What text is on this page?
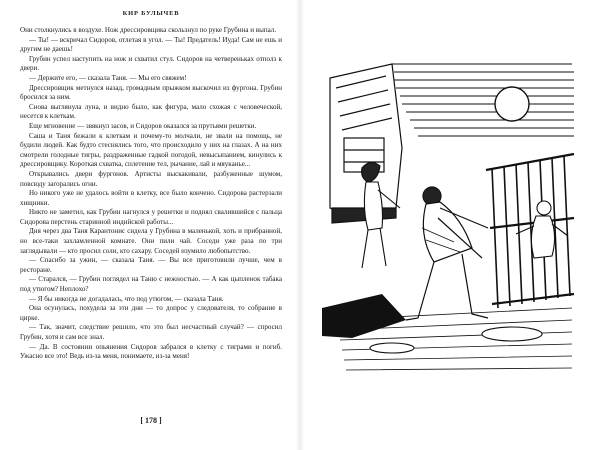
КИР БУЛЫЧЕВ

Они столкнулись в воздухе. Нож дрессировщика скользнул по руке Грубина и выпал.

— Ты! — вскричал Сидоров, отлетая в угол. — Ты! Предатель! Иуда! Сам не ешь и другим не даешь!

Грубин успел наступить на нож и схватил стул. Сидоров на четвереньках отполз к двери.

— Держите его, — сказала Таня. — Мы его свяжем!

Дрессировщик метнулся назад, громадным прыжком выскочил из фургона. Грубин бросился за ним.

Снова выглянула луна, и видно было, как фигура, мало схожая с человеческой, несется к клеткам.

Еще мгновение — звякнул засов, и Сидоров оказался за прутьями решетки.

Саша и Таня бежали к клеткам и почему-то молчали, не звали на помощь, не будили людей. Как будто стеснялись того, что происходило у них на глазах. А на них смотрели голодные тигры, раздраженные гадкой погодой, невысыпанием, кинулись к дрессировщику. Короткая схватка, сплетение тел, рычание, лай и мяуканье...

Открывались двери фургонов. Артисты выскакивали, разбуженные шумом, повсюду загорались огни.

Но никого уже не удалось войти в клетку, все было кончено. Сидорова растерзали хищники.

Никто не заметил, как Грубин нагнулся у решетки и поднял свалившийся с пальца Сидорова перстень старинной индийской работы...

Дня через два Таня Карантонис сидела у Грубина в маленькой, хоть и прибранной, но все-таки захламленной комнате. Они пили чай. Соседи уже раза по три заглядывали — кто просил соли, кто сахару. Соседей изумило любопытство.

— Спасибо за ужин, — сказала Таня. — Вы все приготовили лучше, чем в ресторане.

— Старался, — Грубин поглядел на Таню с нежностью. — А как цыпленок табака под утюгом? Неплохо?

— Я бы никогда не догадалась, что под утюгом, — сказала Таня.

Она осунулась, похудела за эти дни — то допрос у следователя, то собрание в цирке.

— Так, значит, следствие решило, что это был несчастный случай? — спросил Грубин, хотя и сам все знал.

— Да. В состоянии опьянения Сидоров забрался в клетку с тиграми и погиб. Ужасно все это! Ведь из-за меня, понимаете, из-за меня!

[ 178 ]
